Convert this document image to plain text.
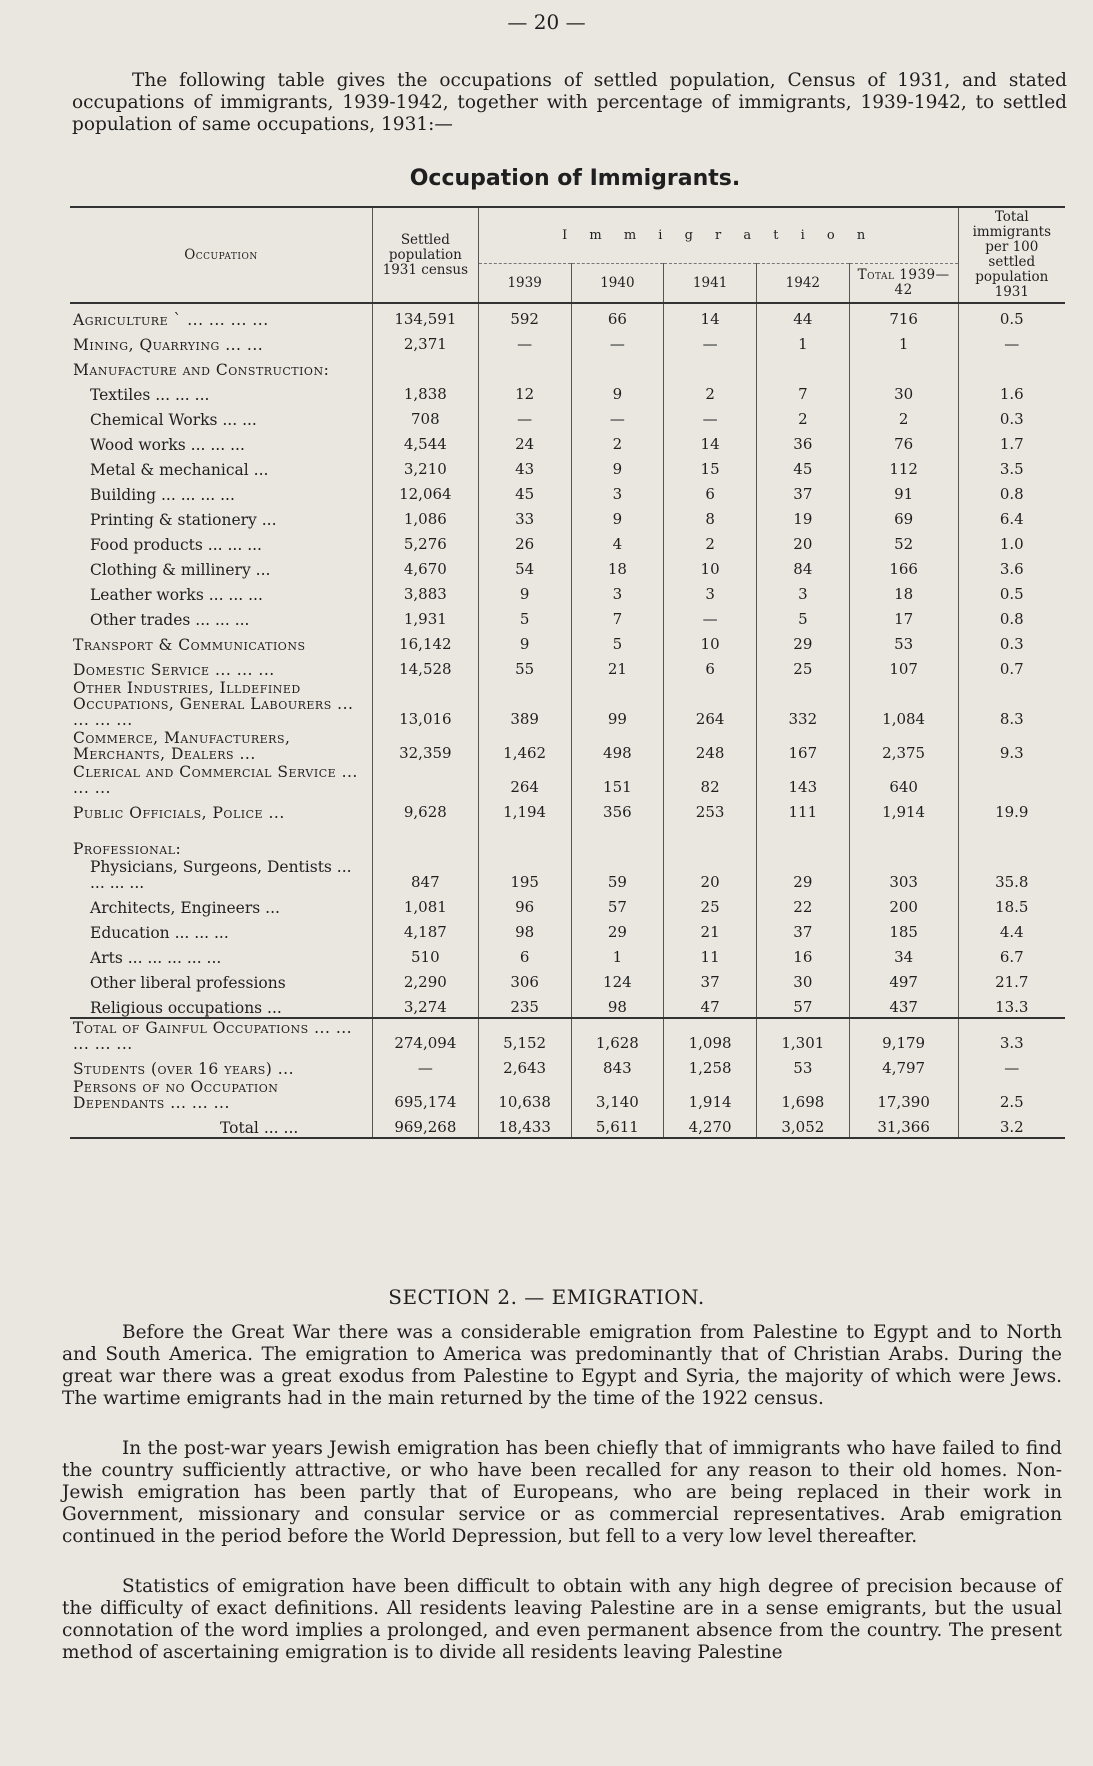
— 20 —

The following table gives the occupations of settled population, Census of 1931, and stated occupations of immigrants, 1939-1942, together with percentage of immigrants, 1939-1942, to settled population of same occupations, 1931:—

Occupation of Immigrants.
Occupation	Settled population 1931 census	I m m i g r a t i o n					Total immigrants per 100 settled population 1931
		1939	1940	1941	1942	Total 1939—42	
Agriculture ` ... ... ... ...	134,591	592	66	14	44	716	0.5
Mining, Quarrying ... ...	2,371	—	—	—	1	1	—
Manufacture and Construction:							
Textiles ... ... ...	1,838	12	9	2	7	30	1.6
Chemical Works ... ...	708	—	—	—	2	2	0.3
Wood works ... ... ...	4,544	24	2	14	36	76	1.7
Metal & mechanical ...	3,210	43	9	15	45	112	3.5
Building ... ... ... ...	12,064	45	3	6	37	91	0.8
Printing & stationery ...	1,086	33	9	8	19	69	6.4
Food products ... ... ...	5,276	26	4	2	20	52	1.0
Clothing & millinery ...	4,670	54	18	10	84	166	3.6
Leather works ... ... ...	3,883	9	3	3	3	18	0.5
Other trades ... ... ...	1,931	5	7	—	5	17	0.8
Transport & Communications	16,142	9	5	10	29	53	0.3
Domestic Service ... ... ...	14,528	55	21	6	25	107	0.7
Other Industries, Illdefined Occupations, General Labourers ... ... ... ...	13,016	389	99	264	332	1,084	8.3
Commerce, Manufacturers, Merchants, Dealers ...	32,359	1,462	498	248	167	2,375	9.3
Clerical and Commercial Service ... ... ...		264	151	82	143	640	
Public Officials, Police ...	9,628	1,194	356	253	111	1,914	19.9
Professional:							
Physicians, Surgeons, Dentists ... ... ... ...	847	195	59	20	29	303	35.8
Architects, Engineers ...	1,081	96	57	25	22	200	18.5
Education ... ... ...	4,187	98	29	21	37	185	4.4
Arts ... ... ... ... ...	510	6	1	11	16	34	6.7
Other liberal professions	2,290	306	124	37	30	497	21.7
Religious occupations ...	3,274	235	98	47	57	437	13.3
Total of Gainful Occupations ... ... ... ... ...	274,094	5,152	1,628	1,098	1,301	9,179	3.3
Students (over 16 years) ...	—	2,643	843	1,258	53	4,797	—
Persons of no Occupation Dependants ... ... ...	695,174	10,638	3,140	1,914	1,698	17,390	2.5
Total ... ...	969,268	18,433	5,611	4,270	3,052	31,366	3.2
SECTION 2. — EMIGRATION.

Before the Great War there was a considerable emigration from Palestine to Egypt and to North and South America. The emigration to America was predominantly that of Christian Arabs. During the great war there was a great exodus from Palestine to Egypt and Syria, the majority of which were Jews. The wartime emigrants had in the main returned by the time of the 1922 census.

In the post-war years Jewish emigration has been chiefly that of immigrants who have failed to find the country sufficiently attractive, or who have been recalled for any reason to their old homes. Non-Jewish emigration has been partly that of Europeans, who are being replaced in their work in Government, missionary and consular service or as commercial representatives. Arab emigration continued in the period before the World Depression, but fell to a very low level thereafter.

Statistics of emigration have been difficult to obtain with any high degree of precision because of the difficulty of exact definitions. All residents leaving Palestine are in a sense emigrants, but the usual connotation of the word implies a prolonged, and even permanent absence from the country. The present method of ascertaining emigration is to divide all residents leaving Palestine
